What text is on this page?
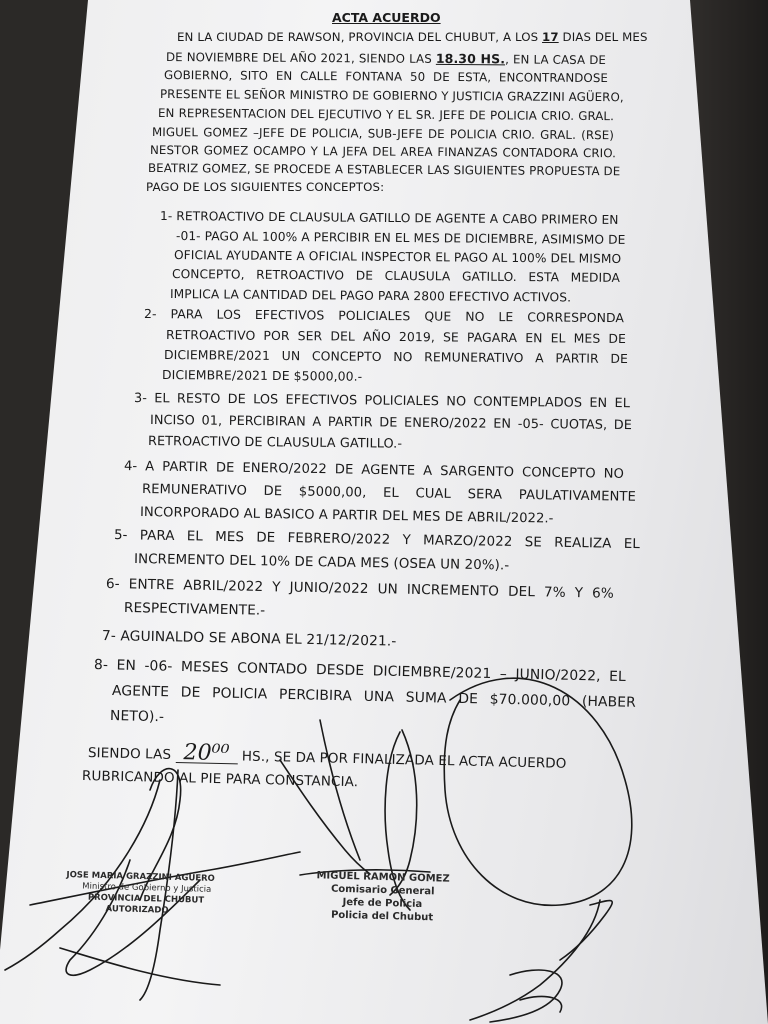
ACTA ACUERDO
EN LA CIUDAD DE RAWSON, PROVINCIA DEL CHUBUT, A LOS 17 DIAS DEL MES
DE NOVIEMBRE DEL AÑO 2021, SIENDO LAS 18.30 HS., EN LA CASA DE
GOBIERNO, SITO EN CALLE FONTANA 50 DE ESTA, ENCONTRANDOSE
PRESENTE EL SEÑOR MINISTRO DE GOBIERNO Y JUSTICIA GRAZZINI AGÜERO,
EN REPRESENTACION DEL EJECUTIVO Y EL SR. JEFE DE POLICIA CRIO. GRAL.
MIGUEL GOMEZ –JEFE DE POLICIA, SUB-JEFE DE POLICIA CRIO. GRAL. (RSE)
NESTOR GOMEZ OCAMPO Y LA JEFA DEL AREA FINANZAS CONTADORA CRIO.
BEATRIZ GOMEZ, SE PROCEDE A ESTABLECER LAS SIGUIENTES PROPUESTA DE
PAGO DE LOS SIGUIENTES CONCEPTOS:
1- RETROACTIVO DE CLAUSULA GATILLO DE AGENTE A CABO PRIMERO EN
-01- PAGO AL 100% A PERCIBIR EN EL MES DE DICIEMBRE, ASIMISMO DE
OFICIAL AYUDANTE A OFICIAL INSPECTOR EL PAGO AL 100% DEL MISMO
CONCEPTO, RETROACTIVO DE CLAUSULA GATILLO. ESTA MEDIDA
IMPLICA LA CANTIDAD DEL PAGO PARA 2800 EFECTIVO ACTIVOS.
2- PARA LOS EFECTIVOS POLICIALES QUE NO LE CORRESPONDA
RETROACTIVO POR SER DEL AÑO 2019, SE PAGARA EN EL MES DE
DICIEMBRE/2021 UN CONCEPTO NO REMUNERATIVO A PARTIR DE
DICIEMBRE/2021 DE $5000,00.-
3- EL RESTO DE LOS EFECTIVOS POLICIALES NO CONTEMPLADOS EN EL
INCISO 01, PERCIBIRAN A PARTIR DE ENERO/2022 EN -05- CUOTAS, DE
RETROACTIVO DE CLAUSULA GATILLO.-
4- A PARTIR DE ENERO/2022 DE AGENTE A SARGENTO CONCEPTO NO
REMUNERATIVO DE $5000,00, EL CUAL SERA PAULATIVAMENTE
INCORPORADO AL BASICO A PARTIR DEL MES DE ABRIL/2022.-
5- PARA EL MES DE FEBRERO/2022 Y MARZO/2022 SE REALIZA EL
INCREMENTO DEL 10% DE CADA MES (OSEA UN 20%).-
6- ENTRE ABRIL/2022 Y JUNIO/2022 UN INCREMENTO DEL 7% Y 6%
RESPECTIVAMENTE.-
7- AGUINALDO SE ABONA EL 21/12/2021.-
8- EN -06- MESES CONTADO DESDE DICIEMBRE/2021 – JUNIO/2022, EL
AGENTE DE POLICIA PERCIBIRA UNA SUMA DE $70.000,00 (HABER
NETO).-
SIENDO LAS 20⁰⁰ HS., SE DA POR FINALIZADA EL ACTA ACUERDO
RUBRICANDO AL PIE PARA CONSTANCIA.
JOSE MARIA GRAZZINI AGÜERO
Ministro de Gobierno y Justicia
PROVINCIA DEL CHUBUT
AUTORIZADO
MIGUEL RAMON GOMEZ
Comisario General
Jefe de Policia
Policia del Chubut
